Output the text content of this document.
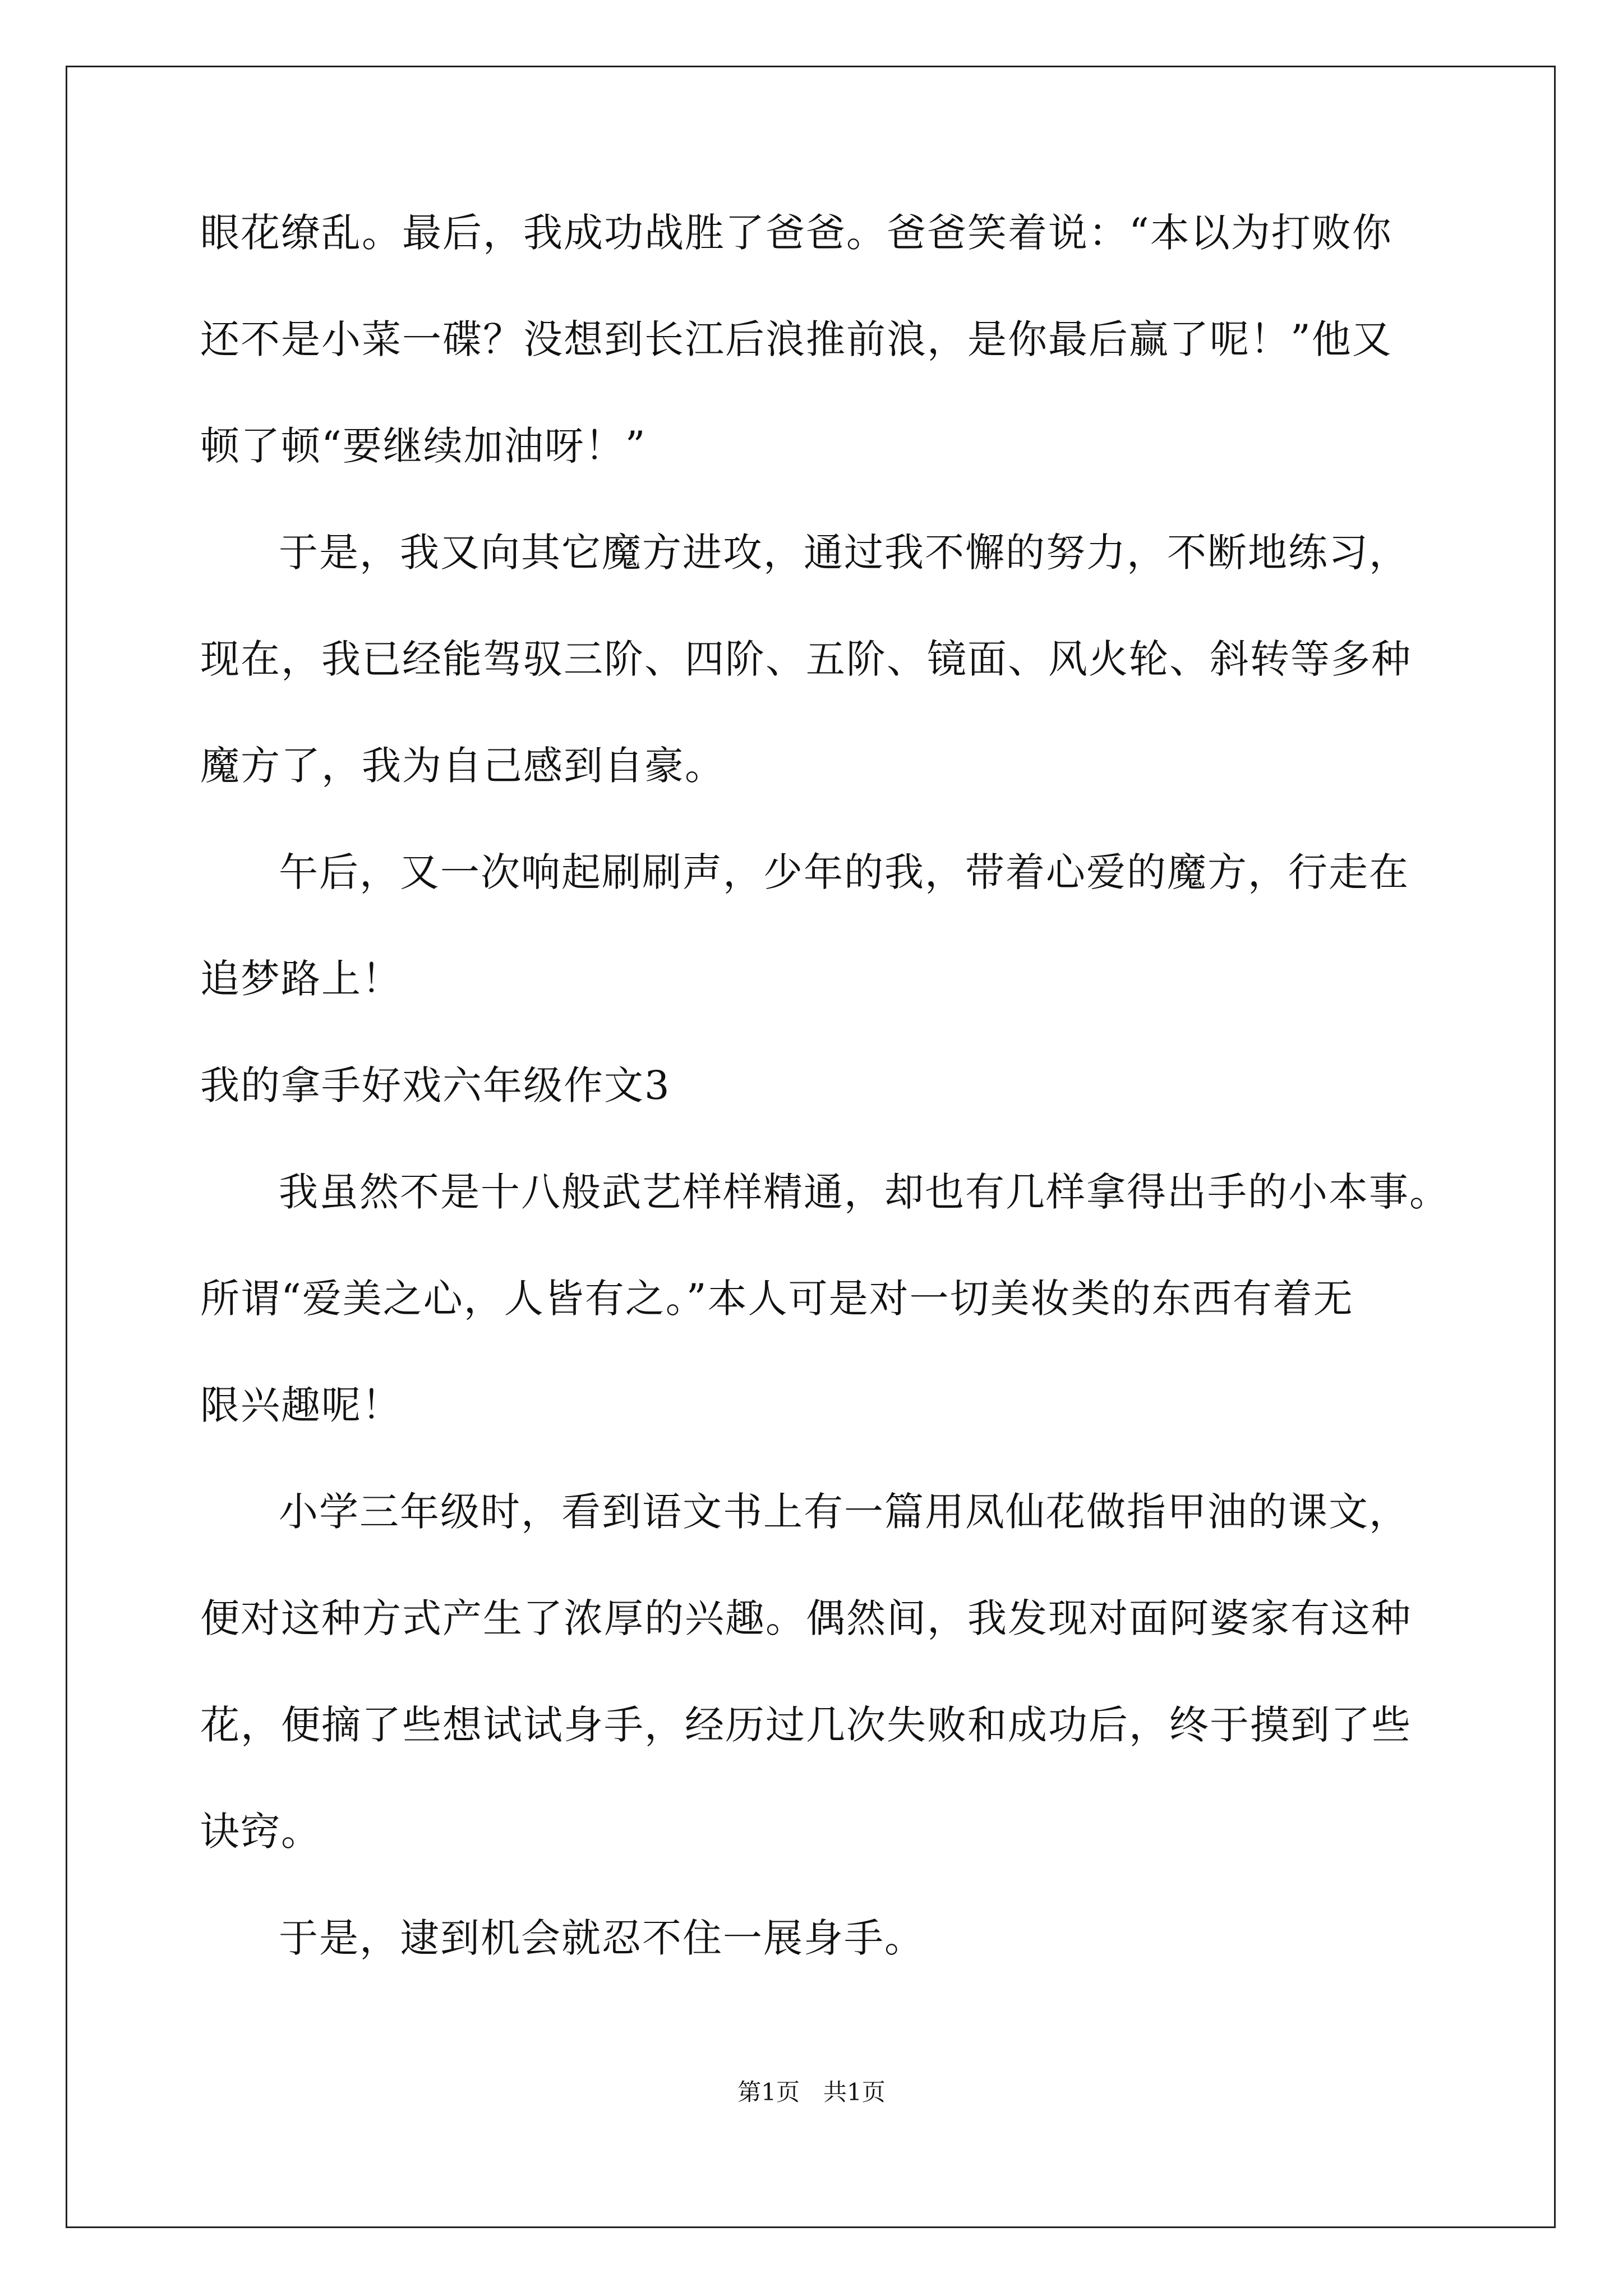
眼花缭乱。最后，我成功战胜了爸爸。爸爸笑着说：“本以为打败你
还不是小菜一碟？没想到长江后浪推前浪，是你最后赢了呢！”他又
顿了顿“要继续加油呀！”
于是，我又向其它魔方进攻，通过我不懈的努力，不断地练习，
现在，我已经能驾驭三阶、四阶、五阶、镜面、风火轮、斜转等多种
魔方了，我为自己感到自豪。
午后，又一次响起刷刷声，少年的我，带着心爱的魔方，行走在
追梦路上！
我的拿手好戏六年级作文3
我虽然不是十八般武艺样样精通，却也有几样拿得出手的小本事。
所谓“爱美之心，人皆有之。”本人可是对一切美妆类的东西有着无
限兴趣呢！
小学三年级时，看到语文书上有一篇用凤仙花做指甲油的课文，
便对这种方式产生了浓厚的兴趣。偶然间，我发现对面阿婆家有这种
花，便摘了些想试试身手，经历过几次失败和成功后，终于摸到了些
诀窍。
于是，逮到机会就忍不住一展身手。
第1页　共1页
